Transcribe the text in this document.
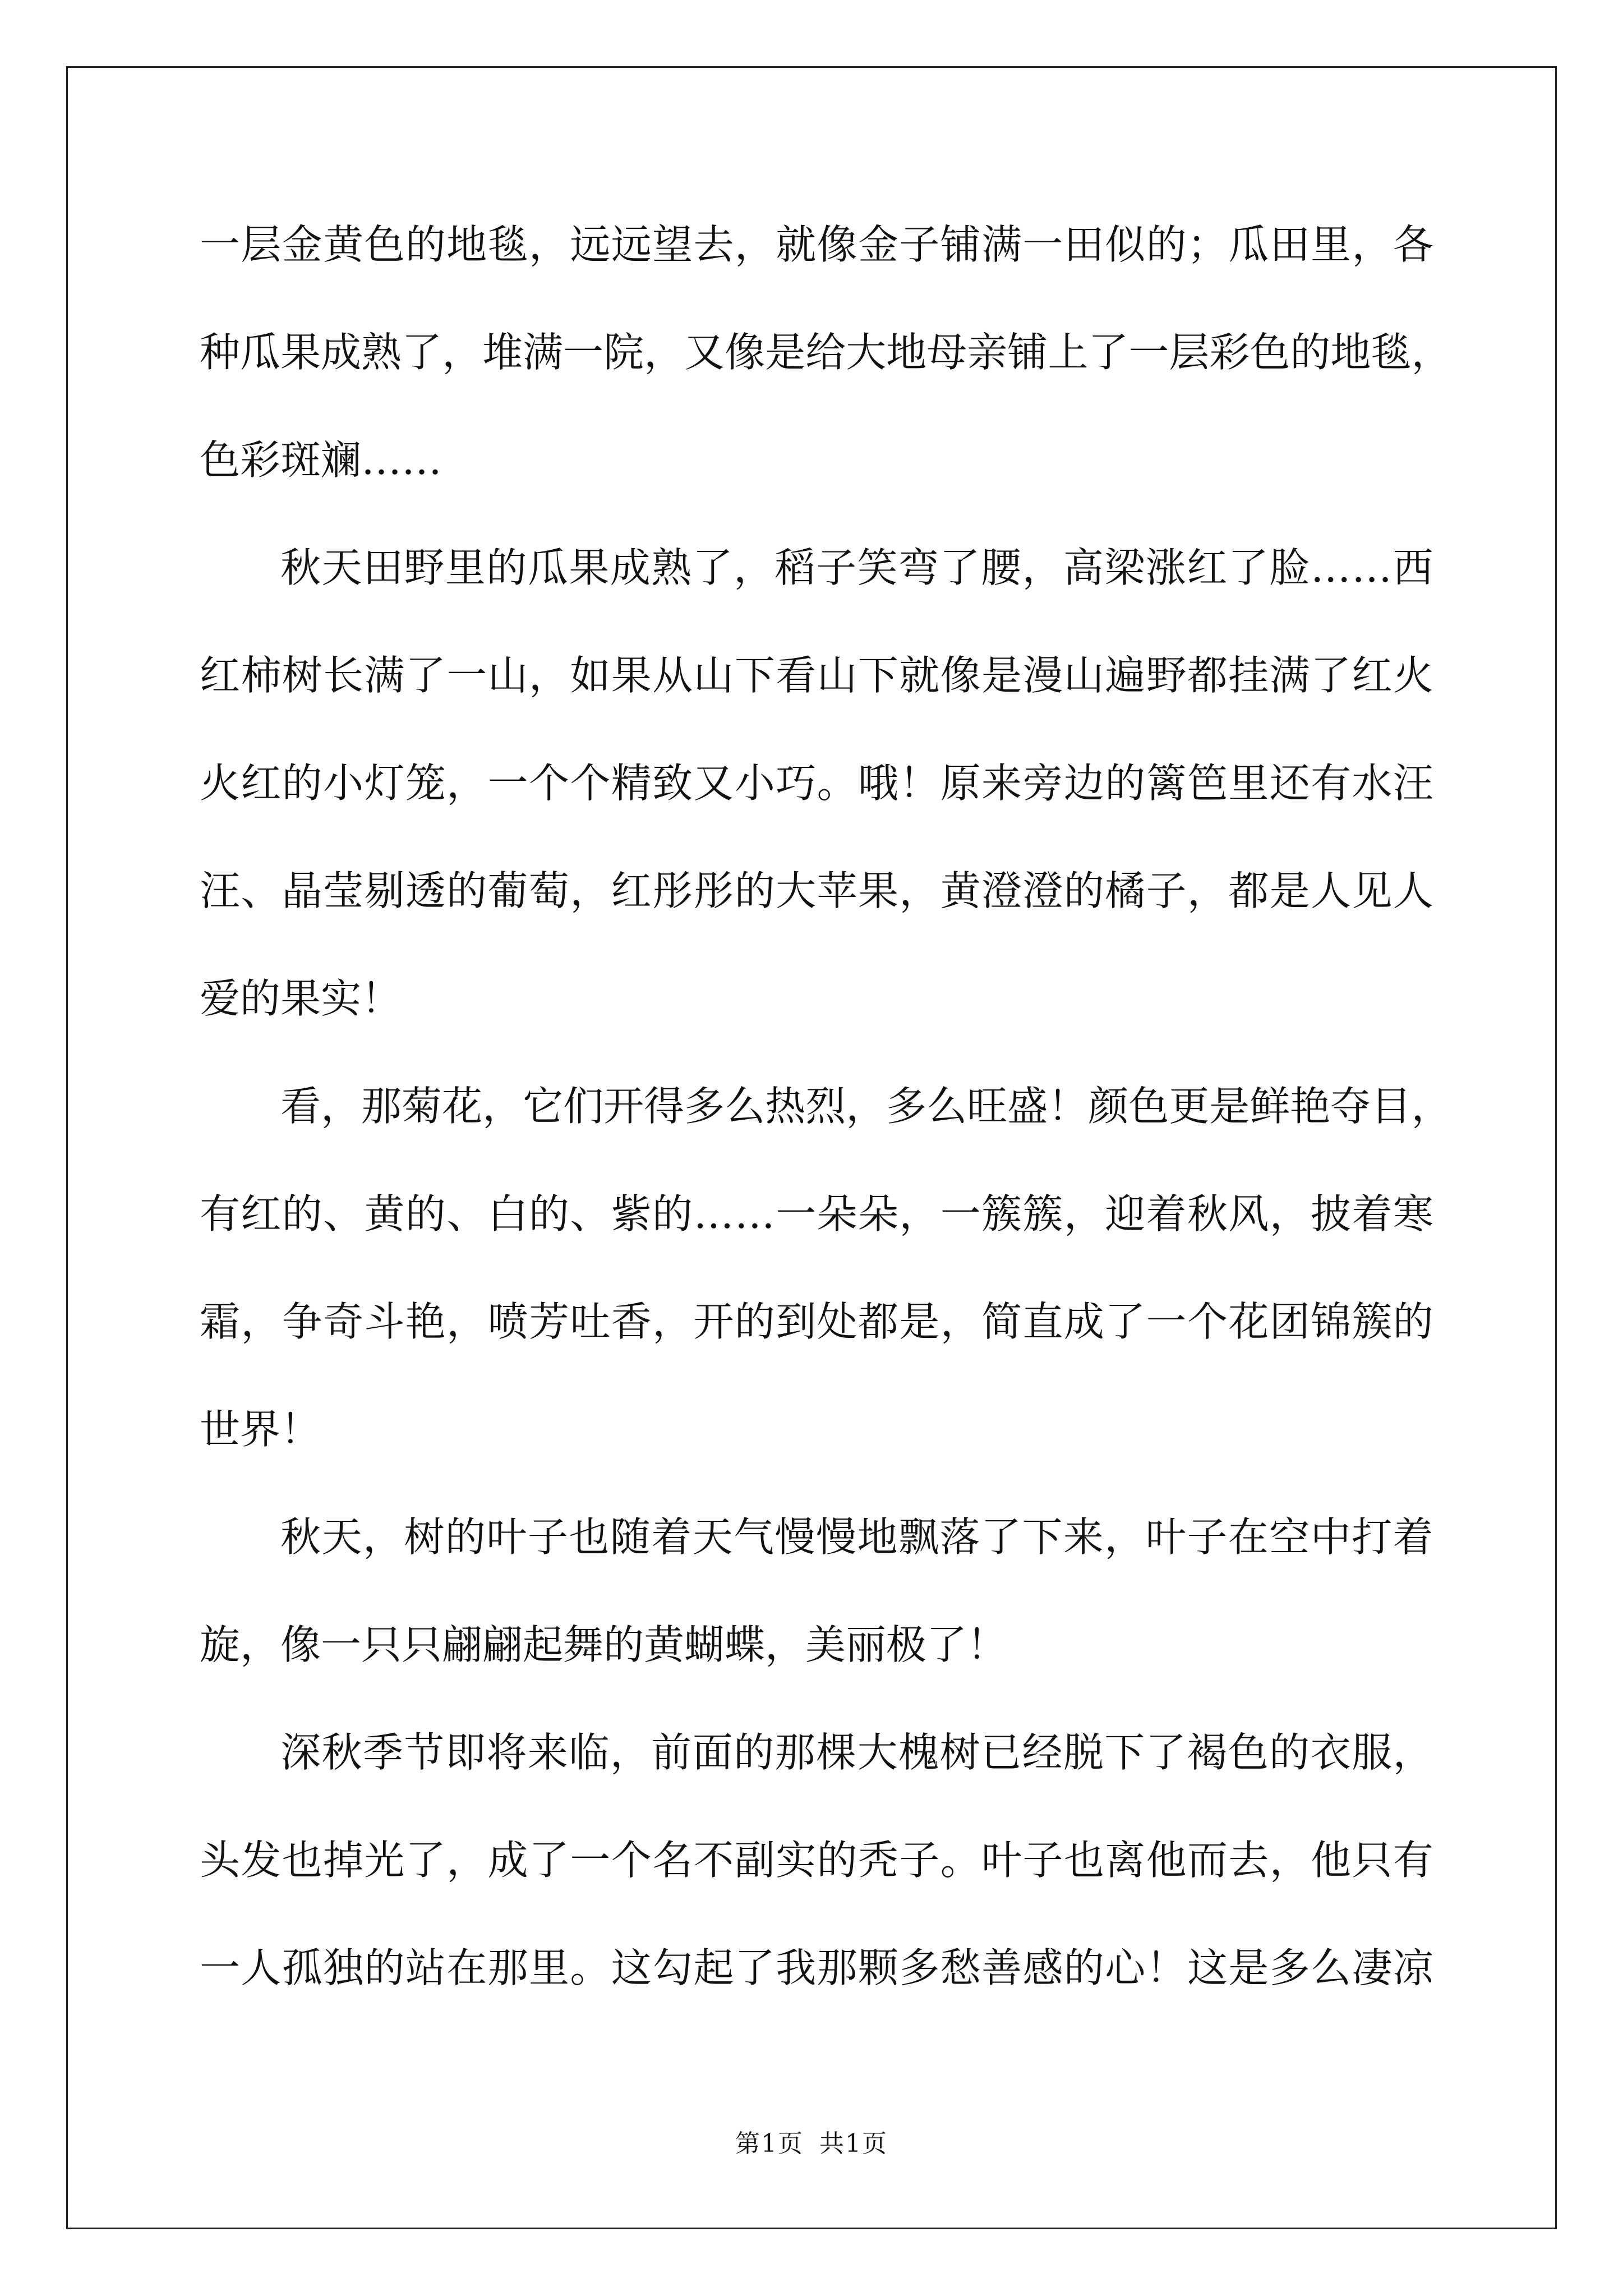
一 层 金 黄 色 的 地 毯 ， 远 远 望 去 ， 就 像 金 子 铺 满 一 田 似 的 ； 瓜 田 里 ， 各
种 瓜 果 成 熟 了 ， 堆 满 一 院 ， 又 像 是 给 大 地 母 亲 铺 上 了 一 层 彩 色 的 地 毯 ，
色彩斑斓……
秋 天 田 野 里 的 瓜 果 成 熟 了 ， 稻 子 笑 弯 了 腰 ， 高 梁 涨 红 了 脸 … … 西
红 柿 树 长 满 了 一 山 ， 如 果 从 山 下 看 山 下 就 像 是 漫 山 遍 野 都 挂 满 了 红 火
火 红 的 小 灯 笼 ， 一 个 个 精 致 又 小 巧 。 哦 ！ 原 来 旁 边 的 篱 笆 里 还 有 水 汪
汪 、 晶 莹 剔 透 的 葡 萄 ， 红 彤 彤 的 大 苹 果 ， 黄 澄 澄 的 橘 子 ， 都 是 人 见 人
爱的果实！
看 ， 那 菊 花 ， 它 们 开 得 多 么 热 烈 ， 多 么 旺 盛 ！ 颜 色 更 是 鲜 艳 夺 目 ，
有 红 的 、 黄 的 、 白 的 、 紫 的 … … 一 朵 朵 ， 一 簇 簇 ， 迎 着 秋 风 ， 披 着 寒
霜 ， 争 奇 斗 艳 ， 喷 芳 吐 香 ， 开 的 到 处 都 是 ， 简 直 成 了 一 个 花 团 锦 簇 的
世界！
秋 天 ， 树 的 叶 子 也 随 着 天 气 慢 慢 地 飘 落 了 下 来 ， 叶 子 在 空 中 打 着
旋，像一只只翩翩起舞的黄蝴蝶，美丽极了！
深 秋 季 节 即 将 来 临 ， 前 面 的 那 棵 大 槐 树 已 经 脱 下 了 褐 色 的 衣 服 ，
头 发 也 掉 光 了 ， 成 了 一 个 名 不 副 实 的 秃 子 。 叶 子 也 离 他 而 去 ， 他 只 有
一 人 孤 独 的 站 在 那 里 。 这 勾 起 了 我 那 颗 多 愁 善 感 的 心 ！ 这 是 多 么 凄 凉
第1页 共1页
